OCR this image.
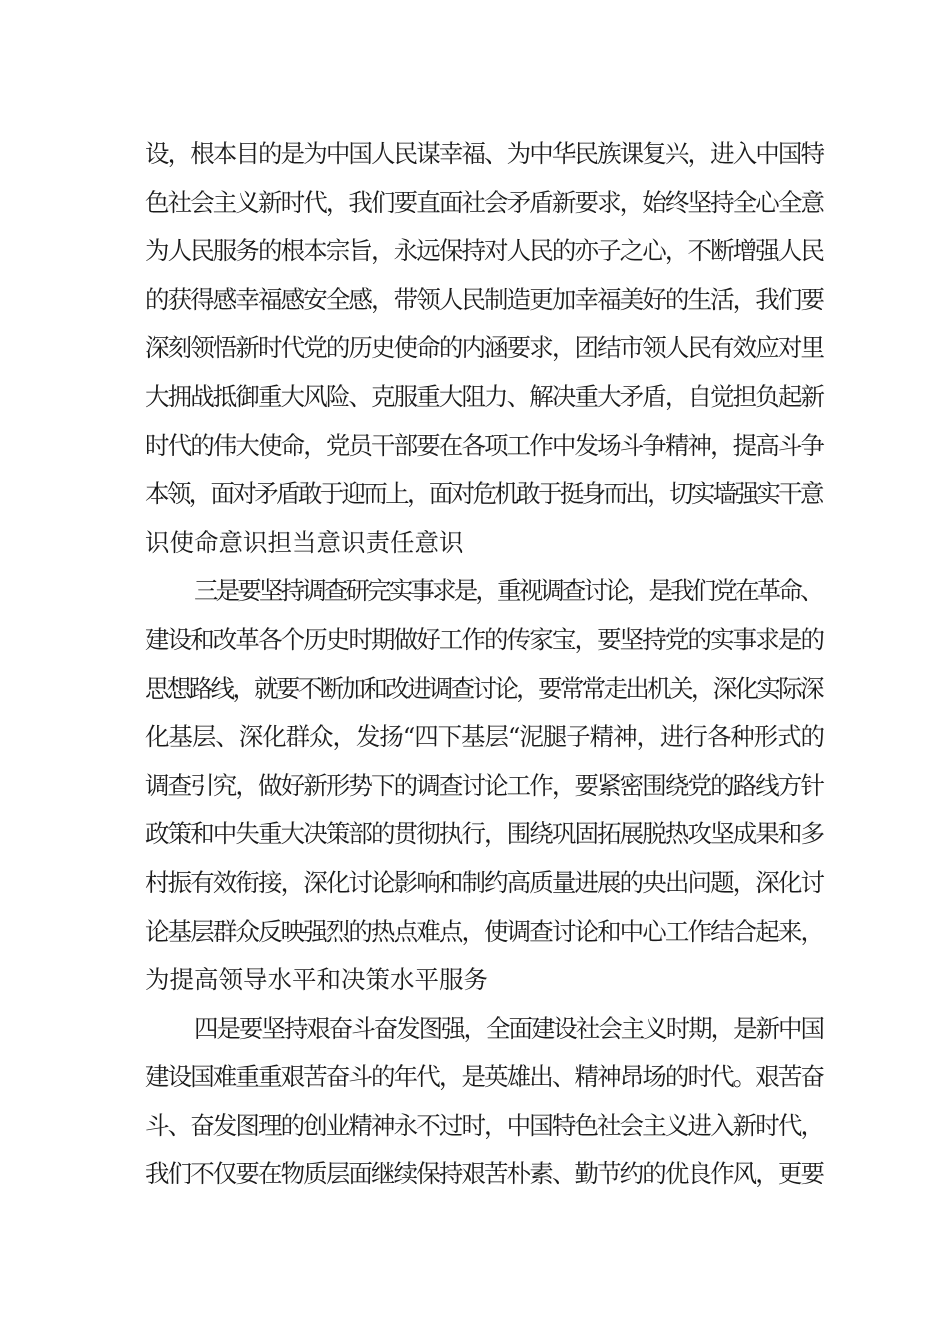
设，根本目的是为中国人民谋幸福、为中华民族课复兴，进入中国特
色社会主义新时代，我们要直面社会矛盾新要求，始终坚持全心全意
为人民服务的根本宗旨，永远保持对人民的亦子之心，不断增强人民
的获得感幸福感安全感，带领人民制造更加幸福美好的生活，我们要
深刻领悟新时代党的历史使命的内涵要求，团结市领人民有效应对里
大拥战抵御重大风险、克服重大阻力、解决重大矛盾，自觉担负起新
时代的伟大使命，党员干部要在各项工作中发场斗争精神，提高斗争
本领，面对矛盾敢于迎而上，面对危机敢于挺身而出，切实墙强实干意
识使命意识担当意识责任意识
三是要坚持调查研完实事求是，重视调查讨论，是我们党在革命、
建设和改革各个历史时期做好工作的传家宝，要坚持党的实事求是的
思想路线，就要不断加和改进调查讨论，要常常走出机关，深化实际深
化基层、深化群众，发扬“四下基层“泥腿子精神，进行各种形式的
调查引究，做好新形势下的调查讨论工作，要紧密围绕党的路线方针
政策和中失重大决策部的贯彻执行，围绕巩固拓展脱热攻坚成果和多
村振有效衔接，深化讨论影响和制约高质量进展的央出问题，深化讨
论基层群众反映强烈的热点难点，使调查讨论和中心工作结合起来，
为提高领导水平和决策水平服务
四是要坚持艰奋斗奋发图强，全面建设社会主义时期，是新中国
建设国难重重艰苦奋斗的年代，是英雄出、精神昂场的时代。艰苦奋
斗、奋发图理的创业精神永不过时，中国特色社会主义进入新时代，
我们不仅要在物质层面继续保持艰苦朴素、勤节约的优良作风，更要
